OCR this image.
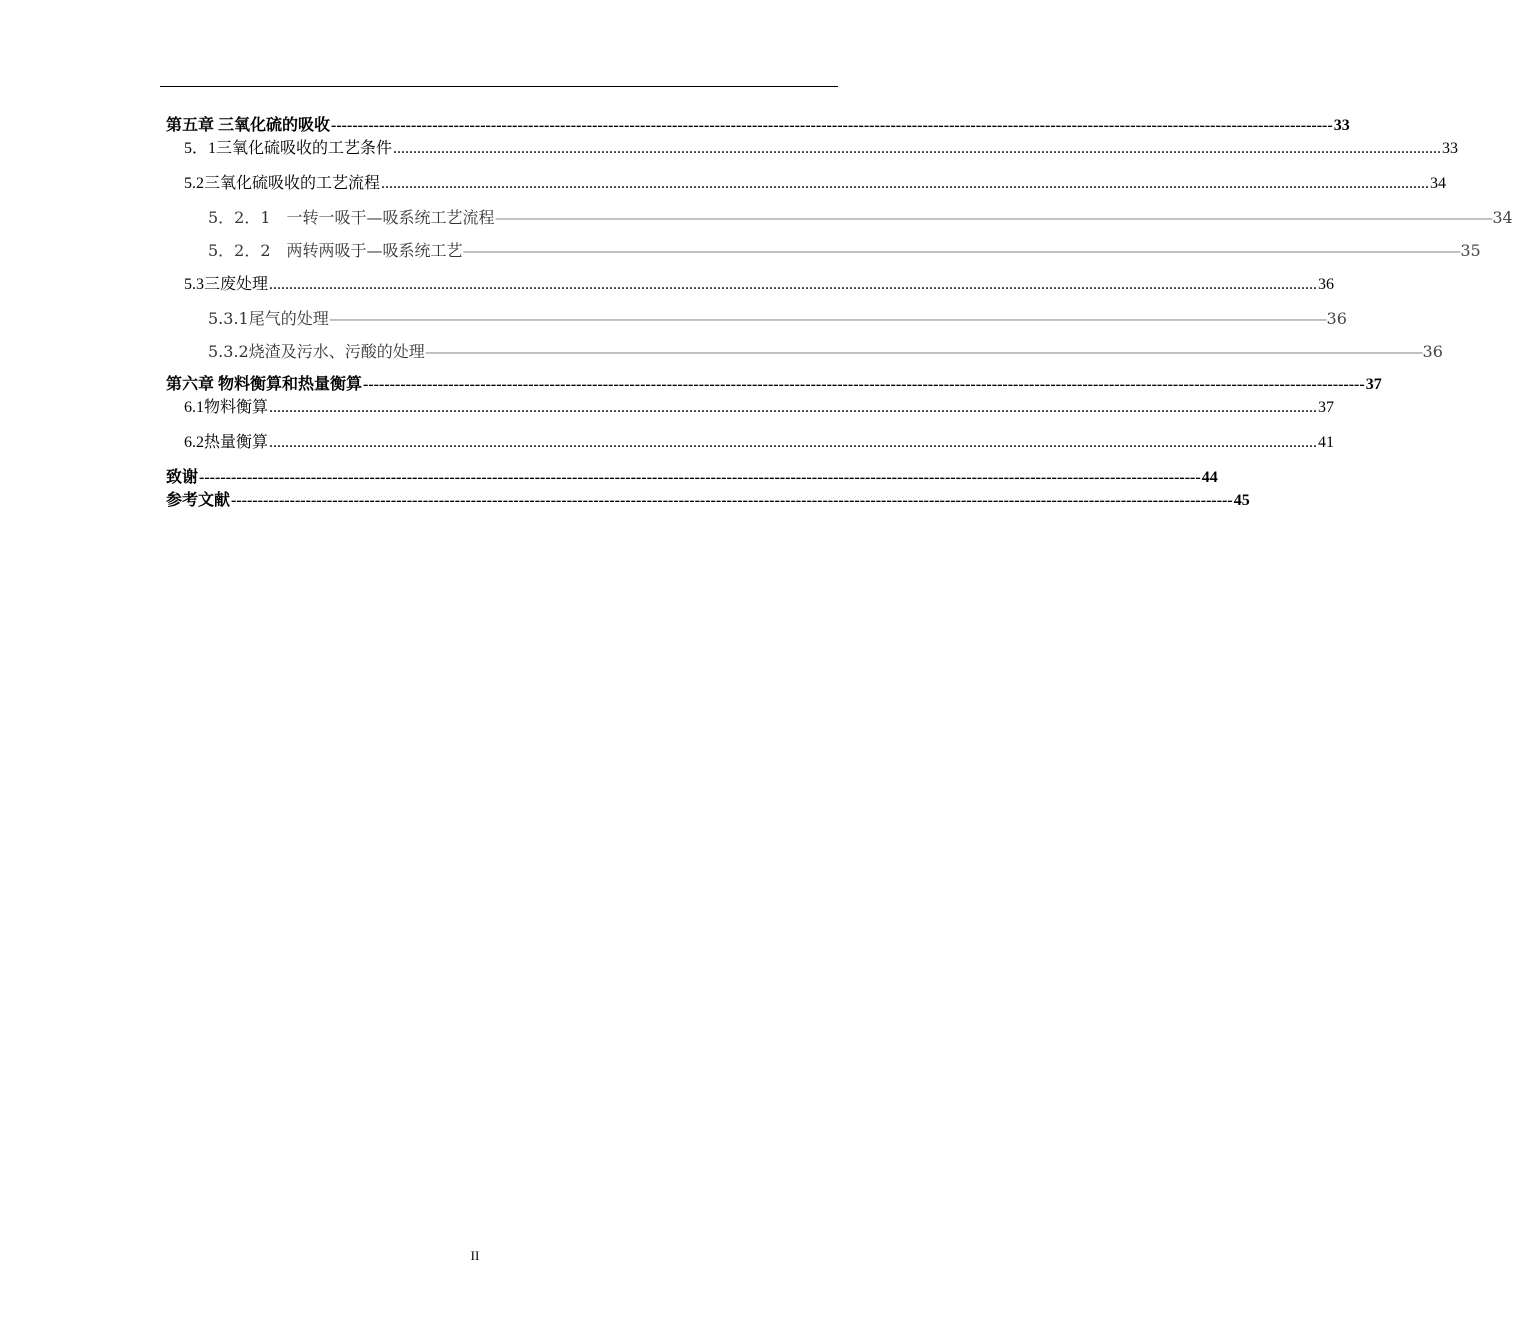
第五章 三氧化硫的吸收 -----	33
5．1三氧化硫吸收的工艺条件 .....	33
5.2三氧化硫吸收的工艺流程 .....	34
5．2．1　一转一吸干—吸系统工艺流程 –––––	34
5．2．2　两转两吸于—吸系统工艺 –––––	35
5.3三废处理 .....	36
5.3.1尾气的处理 –––––	36
5.3.2烧渣及污水、污酸的处理 –––––	36
第六章 物料衡算和热量衡算 -----	37
6.1物料衡算 .....	37
6.2热量衡算 .....	41
致谢 -----	44
参考文献 -----	45
II
